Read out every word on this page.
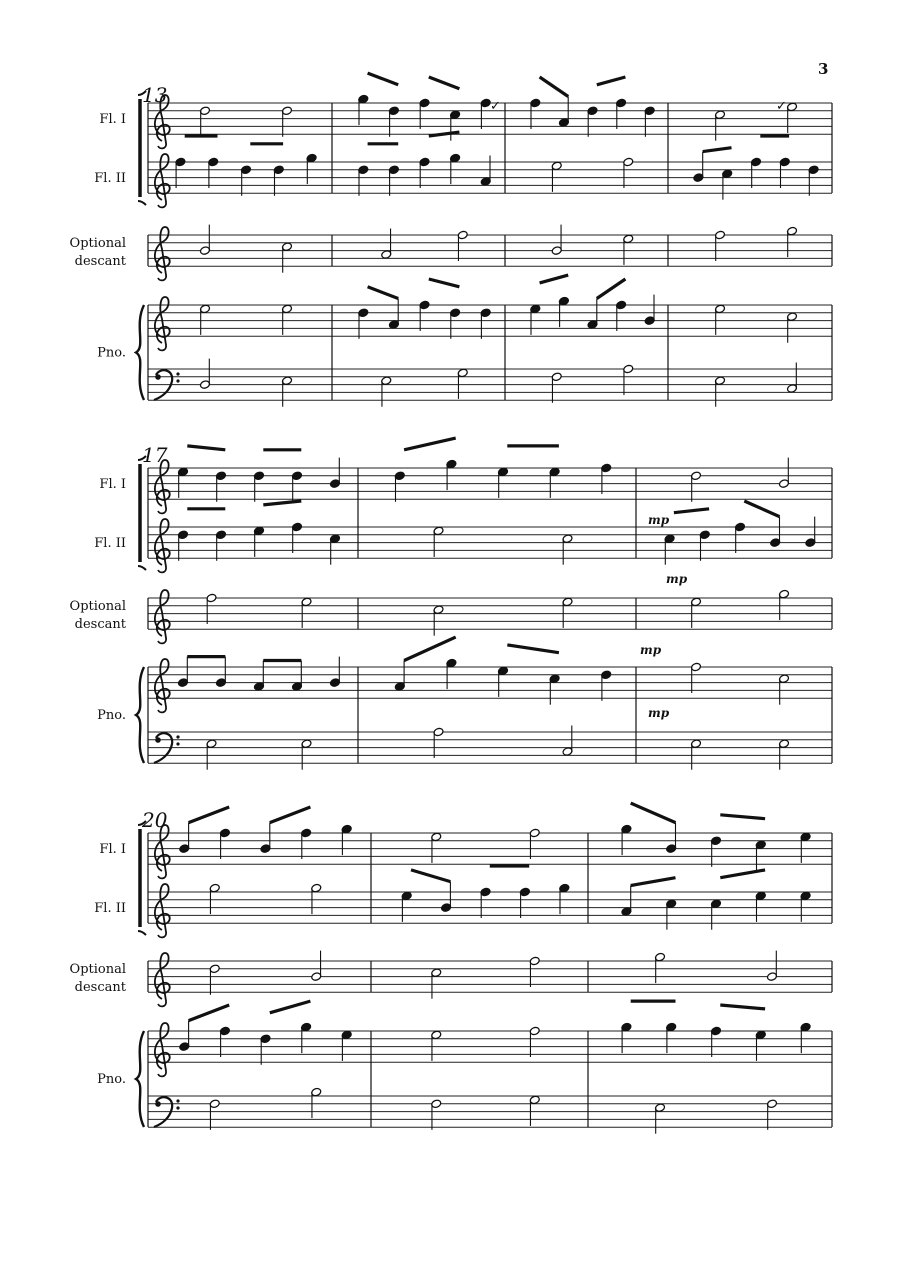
3
Fl. I
Fl. II
Optional
descant
Pno.
13
Fl. I
Fl. II
Optional
descant
Pno.
17
Fl. I
Fl. II
Optional
descant
Pno.
20
mp
mp
mp
mp
✓	✓
